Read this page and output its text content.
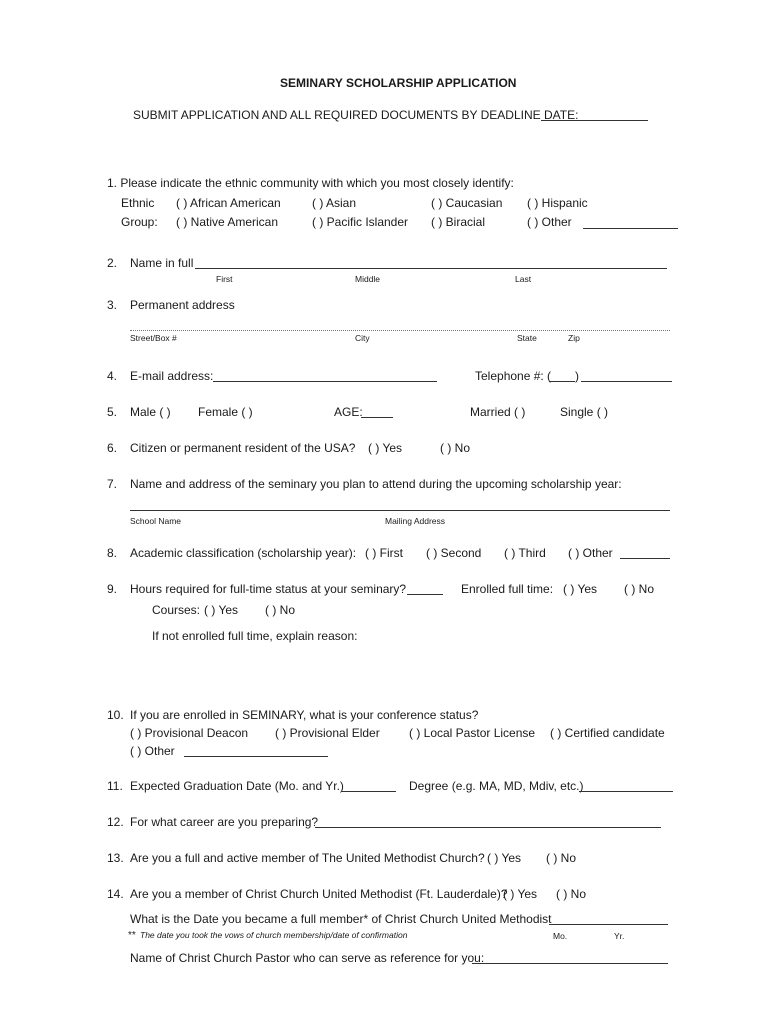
SEMINARY SCHOLARSHIP APPLICATION
SUBMIT APPLICATION AND ALL REQUIRED DOCUMENTS BY DEADLINE DATE:
1. Please indicate the ethnic community with which you most closely identify:
Ethnic
Group:
( ) African American	( ) Asian	( ) Caucasian ( ) Hispanic
( ) Native American	( ) Pacific Islander ( ) Biracial	( ) Other
2. Name in full
First	Middle	Last
3. Permanent address
Street/Box #	City	State	Zip
4. E-mail address:	Telephone #: ( )
5. Male ( ) Female ( )	AGE:	Married ( )	Single ( )
6. Citizen or permanent resident of the USA? ( ) Yes	( ) No
7. Name and address of the seminary you plan to attend during the upcoming scholarship year:
School Name	Mailing Address
8. Academic classification (scholarship year): ( ) First ( ) Second ( ) Third ( ) Other
9. Hours required for full-time status at your seminary?	Enrolled full time: ( ) Yes ( ) No
Courses: ( ) Yes ( ) No
If not enrolled full time, explain reason:
10. If you are enrolled in SEMINARY, what is your conference status?
( ) Provisional Deacon ( ) Provisional Elder ( ) Local Pastor License ( ) Certified candidate
( ) Other
11. Expected Graduation Date (Mo. and Yr.)	Degree (e.g. MA, MD, Mdiv, etc.)
12. For what career are you preparing?
13. Are you a full and active member of The United Methodist Church? ( ) Yes ( ) No
14. Are you a member of Christ Church United Methodist (Ft. Lauderdale)?
( ) Yes ( ) No
What is the Date you became a full member* of Christ Church United Methodist
** The date you took the vows of church membership/date of confirmation	Mo.	Yr.
Name of Christ Church Pastor who can serve as reference for you:
